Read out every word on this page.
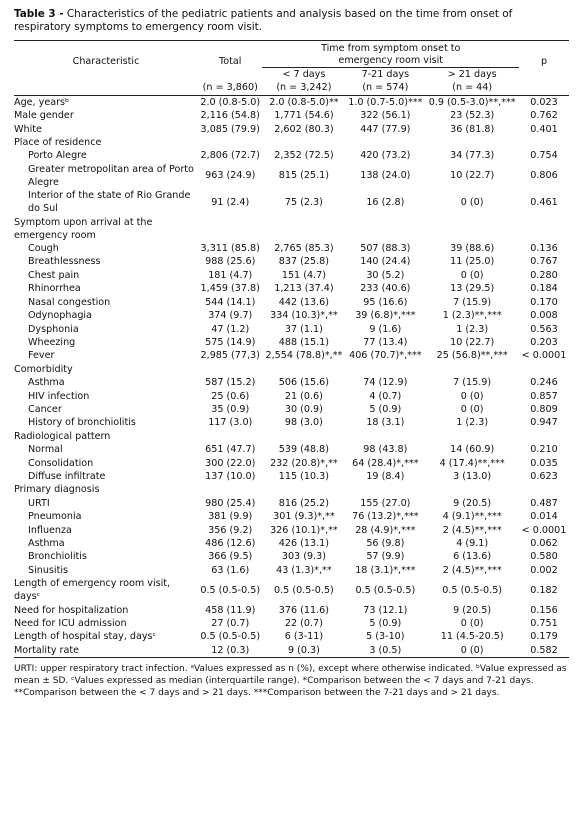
Table 3 - Characteristics of the pediatric patients and analysis based on the time from onset of respiratory symptoms to emergency room visit.
Characteristic	Total	Time from symptom onset to
emergency room visit			p
		< 7 days	7-21 days	> 21 days	

	(n = 3,860)	(n = 3,242)	(n = 574)	(n = 44)	
Age, yearsᵇ	2.0 (0.8-5.0)	2.0 (0.8-5.0)**	1.0 (0.7-5.0)***	0.9 (0.5-3.0)**,***	0.023
Male gender	2,116 (54.8)	1,771 (54.6)	322 (56.1)	23 (52.3)	0.762
White	3,085 (79.9)	2,602 (80.3)	447 (77.9)	36 (81.8)	0.401
Place of residence					
Porto Alegre	2,806 (72.7)	2,352 (72.5)	420 (73.2)	34 (77.3)	0.754
Greater metropolitan area of Porto Alegre	963 (24.9)	815 (25.1)	138 (24.0)	10 (22.7)	0.806
Interior of the state of Rio Grande do Sul	91 (2.4)	75 (2.3)	16 (2.8)	0 (0)	0.461
Symptom upon arrival at the emergency room					
Cough	3,311 (85.8)	2,765 (85.3)	507 (88.3)	39 (88.6)	0.136
Breathlessness	988 (25.6)	837 (25.8)	140 (24.4)	11 (25.0)	0.767
Chest pain	181 (4.7)	151 (4.7)	30 (5.2)	0 (0)	0.280
Rhinorrhea	1,459 (37.8)	1,213 (37.4)	233 (40.6)	13 (29.5)	0.184
Nasal congestion	544 (14.1)	442 (13.6)	95 (16.6)	7 (15.9)	0.170
Odynophagia	374 (9.7)	334 (10.3)*,**	39 (6.8)*,***	1 (2.3)**,***	0.008
Dysphonia	47 (1.2)	37 (1.1)	9 (1.6)	1 (2.3)	0.563
Wheezing	575 (14.9)	488 (15.1)	77 (13.4)	10 (22.7)	0.203
Fever	2,985 (77,3)	2,554 (78.8)*,**	406 (70.7)*,***	25 (56.8)**,***	< 0.0001
Comorbidity					
Asthma	587 (15.2)	506 (15.6)	74 (12.9)	7 (15.9)	0.246
HIV infection	25 (0.6)	21 (0.6)	4 (0.7)	0 (0)	0.857
Cancer	35 (0.9)	30 (0.9)	5 (0.9)	0 (0)	0.809
History of bronchiolitis	117 (3.0)	98 (3.0)	18 (3.1)	1 (2.3)	0.947
Radiological pattern					
Normal	651 (47.7)	539 (48.8)	98 (43.8)	14 (60.9)	0.210
Consolidation	300 (22.0)	232 (20.8)*,**	64 (28.4)*,***	4 (17.4)**,***	0.035
Diffuse infiltrate	137 (10.0)	115 (10.3)	19 (8.4)	3 (13.0)	0.623
Primary diagnosis					
URTI	980 (25.4)	816 (25.2)	155 (27.0)	9 (20.5)	0.487
Pneumonia	381 (9.9)	301 (9.3)*,**	76 (13.2)*,***	4 (9.1)**,***	0.014
Influenza	356 (9.2)	326 (10.1)*,**	28 (4.9)*,***	2 (4.5)**,***	< 0.0001
Asthma	486 (12.6)	426 (13.1)	56 (9.8)	4 (9.1)	0.062
Bronchiolitis	366 (9.5)	303 (9.3)	57 (9.9)	6 (13.6)	0.580
Sinusitis	63 (1.6)	43 (1.3)*,**	18 (3.1)*,***	2 (4.5)**,***	0.002
Length of emergency room visit, daysᶜ	0.5 (0.5-0.5)	0.5 (0.5-0.5)	0.5 (0.5-0.5)	0.5 (0.5-0.5)	0.182
Need for hospitalization	458 (11.9)	376 (11.6)	73 (12.1)	9 (20.5)	0.156
Need for ICU admission	27 (0.7)	22 (0.7)	5 (0.9)	0 (0)	0.751
Length of hospital stay, daysᶜ	0.5 (0.5-0.5)	6 (3-11)	5 (3-10)	11 (4.5-20.5)	0.179
Mortality rate	12 (0.3)	9 (0.3)	3 (0.5)	0 (0)	0.582
URTI: upper respiratory tract infection. ᵃValues expressed as n (%), except where otherwise indicated. ᵇValue expressed as mean ± SD. ᶜValues expressed as median (interquartile range). *Comparison between the < 7 days and 7-21 days. **Comparison between the < 7 days and > 21 days. ***Comparison between the 7-21 days and > 21 days.
